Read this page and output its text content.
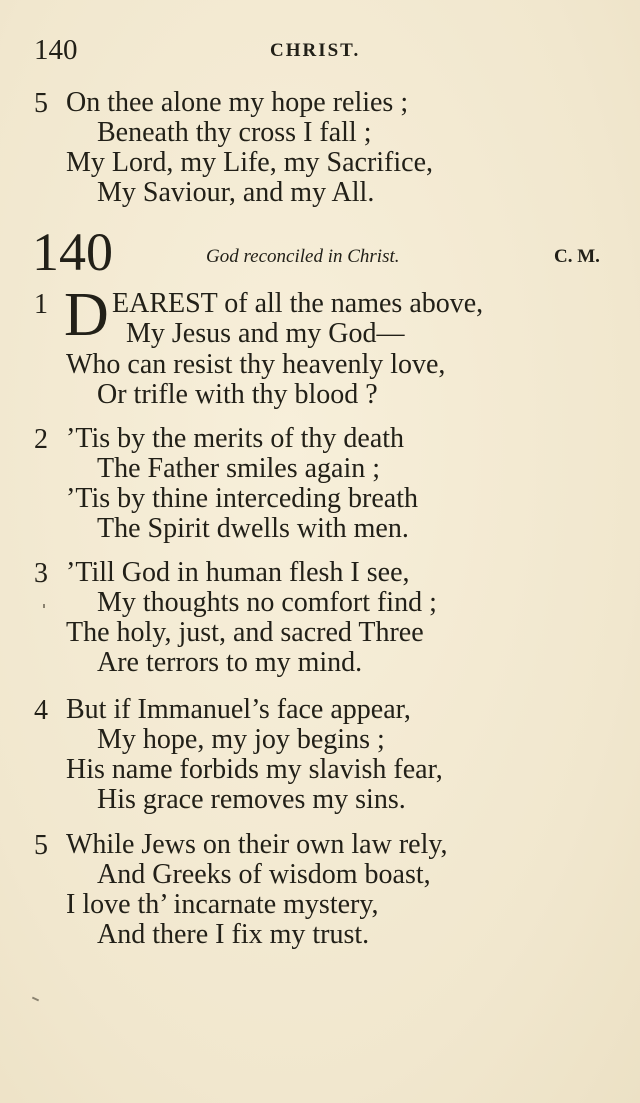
140	CHRIST.
5 On thee alone my hope relies ;
Beneath thy cross I fall ;
My Lord, my Life, my Sacrifice,
My Saviour, and my All.
140	God reconciled in Christ.	C. M.
1 D EAREST of all the names above,
My Jesus and my God—
Who can resist thy heavenly love,
Or trifle with thy blood ?
2 ’Tis by the merits of thy death
The Father smiles again ;
’Tis by thine interceding breath
The Spirit dwells with men.
3 ’Till God in human flesh I see,
My thoughts no comfort find ;
The holy, just, and sacred Three
Are terrors to my mind.
4 But if Immanuel’s face appear,
My hope, my joy begins ;
His name forbids my slavish fear,
His grace removes my sins.
5 While Jews on their own law rely,
And Greeks of wisdom boast,
I love th’ incarnate mystery,
And there I fix my trust.
